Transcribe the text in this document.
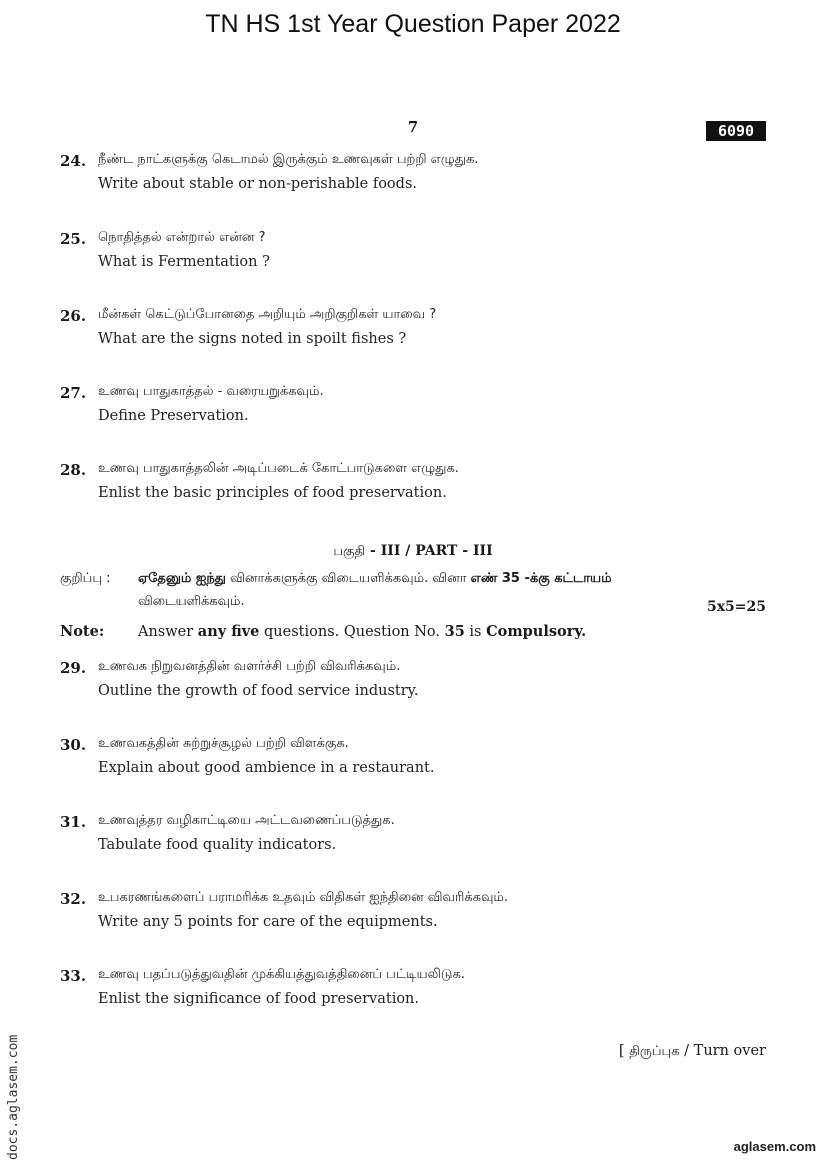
TN HS 1st Year Question Paper 2022
7	6090
24. நீண்ட நாட்களுக்கு கெடாமல் இருக்கும் உணவுகள் பற்றி எழுதுக.
Write about stable or non-perishable foods.
25. நொதித்தல் என்றால் என்ன ?
What is Fermentation ?
26. மீன்கள் கெட்டுப்போனதை அறியும் அறிகுறிகள் யாவை ?
What are the signs noted in spoilt fishes ?
27. உணவு பாதுகாத்தல் - வரையறுக்கவும்.
Define Preservation.
28. உணவு பாதுகாத்தலின் அடிப்படைக் கோட்பாடுகளை எழுதுக.
Enlist the basic principles of food preservation.
பகுதி - III / PART - III
குறிப்பு : ஏதேனும் ஐந்து வினாக்களுக்கு விடையளிக்கவும். வினா எண் 35 -க்கு கட்டாயம்
விடையளிக்கவும்.	5x5=25
Note: Answer any five questions. Question No. 35 is Compulsory.
29. உணவக நிறுவனத்தின் வளர்ச்சி பற்றி விவரிக்கவும்.
Outline the growth of food service industry.
30. உணவகத்தின் சுற்றுச்சூழல் பற்றி விளக்குக.
Explain about good ambience in a restaurant.
31. உணவுத்தர வழிகாட்டியை அட்டவணைப்படுத்துக.
Tabulate food quality indicators.
32. உபகரணங்களைப் பராமரிக்க உதவும் விதிகள் ஐந்தினை விவரிக்கவும்.
Write any 5 points for care of the equipments.
33. உணவு பதப்படுத்துவதின் முக்கியத்துவத்தினைப் பட்டியலிடுக.
Enlist the significance of food preservation.
[ திருப்புக / Turn over
docs.aglasem.com	aglasem.com
